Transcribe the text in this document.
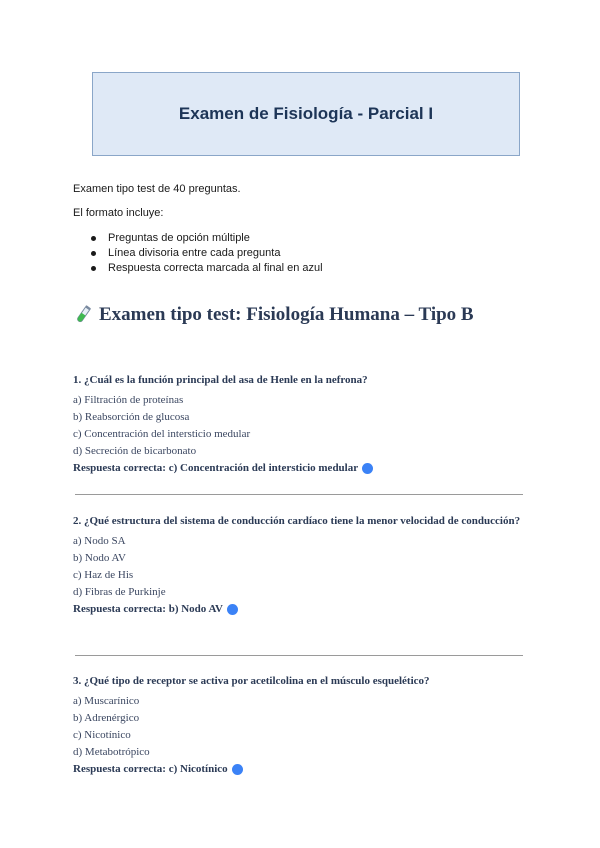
Examen de Fisiología - Parcial I

Examen tipo test de 40 preguntas.

El formato incluye:

Preguntas de opción múltiple
Línea divisoria entre cada pregunta
Respuesta correcta marcada al final en azul
Examen tipo test: Fisiología Humana – Tipo B

1. ¿Cuál es la función principal del asa de Henle en la nefrona?

a) Filtración de proteínas

b) Reabsorción de glucosa

c) Concentración del intersticio medular

d) Secreción de bicarbonato

Respuesta correcta: c) Concentración del intersticio medular

2. ¿Qué estructura del sistema de conducción cardíaco tiene la menor velocidad de conducción?

a) Nodo SA

b) Nodo AV

c) Haz de His

d) Fibras de Purkinje

Respuesta correcta: b) Nodo AV

3. ¿Qué tipo de receptor se activa por acetilcolina en el músculo esquelético?

a) Muscarínico

b) Adrenérgico

c) Nicotínico

d) Metabotrópico

Respuesta correcta: c) Nicotínico
